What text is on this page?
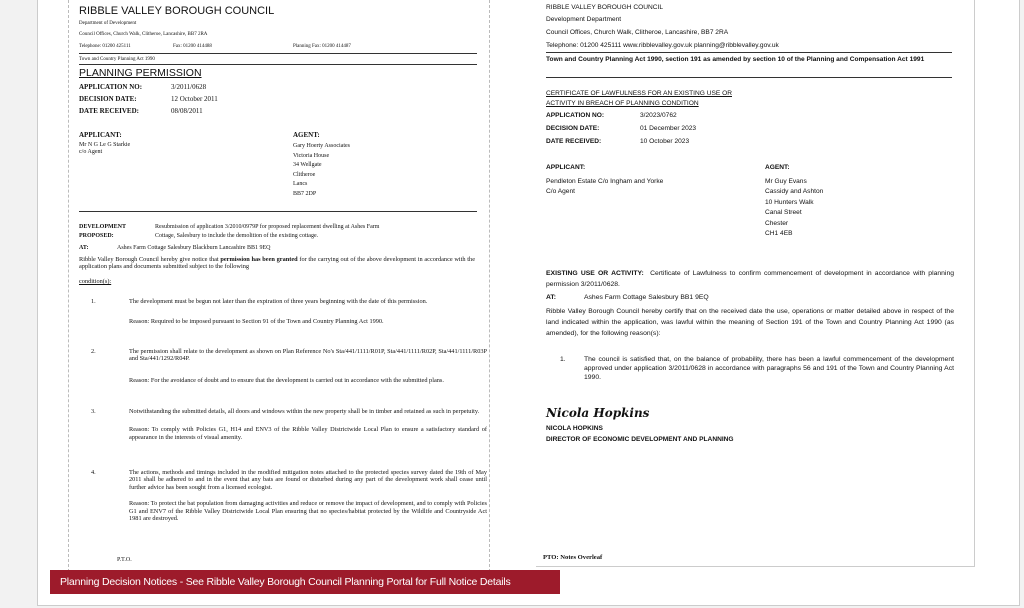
RIBBLE VALLEY BOROUGH COUNCIL
Department of Development
Council Offices, Church Walk, Clitheroe, Lancashire, BB7 2RA
Telephone: 01200 425111	Fax: 01200 414488	Planning Fax: 01200 414487
Town and Country Planning Act 1990
PLANNING PERMISSION
APPLICATION NO:	3/2011/0628
DECISION DATE:	12 October 2011
DATE RECEIVED:	08/08/2011
APPLICANT:
Mr N G Le G Starkie
c/o Agent
AGENT:
Gary Hoerty Associates
Victoria House
34 Wellgate
Clitheroe
Lancs
BB7 2DP
DEVELOPMENT	Resubmission of application 3/2010/0979P for proposed replacement dwelling at Ashes Farm
PROPOSED:	Cottage, Salesbury to include the demolition of the existing cottage.
AT:	Ashes Farm Cottage Salesbury Blackburn Lancashire BB1 9EQ
Ribble Valley Borough Council hereby give notice that permission has been granted for the carrying out of the above development in accordance with the application plans and documents submitted subject to the following
condition(s):
1.	The development must be begun not later than the expiration of three years beginning with the date of this permission.
Reason: Required to be imposed pursuant to Section 91 of the Town and Country Planning Act 1990.
2.	The permission shall relate to the development as shown on Plan Reference No's Sta/441/1111/R01P, Sta/441/1111/R02P, Sta/441/1111/R03P and Sta/441/1292/R04P.
Reason: For the avoidance of doubt and to ensure that the development is carried out in accordance with the submitted plans.
3.	Notwithstanding the submitted details, all doors and windows within the new property shall be in timber and retained as such in perpetuity.
Reason: To comply with Policies G1, H14 and ENV3 of the Ribble Valley Districtwide Local Plan to ensure a satisfactory standard of appearance in the interests of visual amenity.
4.	The actions, methods and timings included in the modified mitigation notes attached to the protected species survey dated the 19th of May 2011 shall be adhered to and in the event that any bats are found or disturbed during any part of the development work shall cease until further advice has been sought from a licensed ecologist.
Reason: To protect the bat population from damaging activities and reduce or remove the impact of development, and to comply with Policies G1 and ENV7 of the Ribble Valley Districtwide Local Plan ensuring that no species/habitat protected by the Wildlife and Countryside Act 1981 are destroyed.
P.T.O.
RIBBLE VALLEY BOROUGH COUNCIL
Development Department
Council Offices, Church Walk, Clitheroe, Lancashire, BB7 2RA
Telephone: 01200 425111 www.ribblevalley.gov.uk planning@ribblevalley.gov.uk
Town and Country Planning Act 1990, section 191 as amended by section 10 of the Planning and Compensation Act 1991
CERTIFICATE OF LAWFULNESS FOR AN EXISTING USE OR
ACTIVITY IN BREACH OF PLANNING CONDITION
APPLICATION NO:	3/2023/0762
DECISION DATE:	01 December 2023
DATE RECEIVED:	10 October 2023
APPLICANT:
Pendleton Estate C/o Ingham and Yorke
C/o Agent
AGENT:
Mr Guy Evans
Cassidy and Ashton
10 Hunters Walk
Canal Street
Chester
CH1 4EB
EXISTING USE OR ACTIVITY: Certificate of Lawfulness to confirm commencement of development in accordance with planning permission 3/2011/0628.
AT:	Ashes Farm Cottage Salesbury BB1 9EQ
Ribble Valley Borough Council hereby certify that on the received date the use, operations or matter detailed above in respect of the land indicated within the application, was lawful within the meaning of Section 191 of the Town and Country Planning Act 1990 (as amended), for the following reason(s):
1.	The council is satisfied that, on the balance of probability, there has been a lawful commencement of the development approved under application 3/2011/0628 in accordance with paragraphs 56 and 191 of the Town and Country Planning Act 1990.
Nicola Hopkins
NICOLA HOPKINS
DIRECTOR OF ECONOMIC DEVELOPMENT AND PLANNING
PTO: Notes Overleaf
Planning Decision Notices - See Ribble Valley Borough Council Planning Portal for Full Notice Details
